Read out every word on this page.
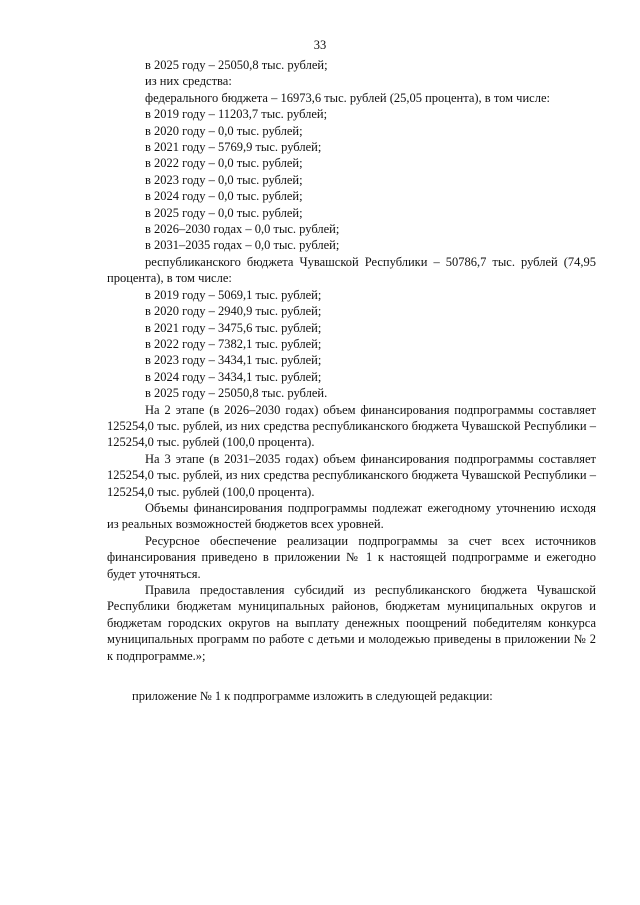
33
в 2025 году – 25050,8 тыс. рублей;
из них средства:

федерального бюджета – 16973,6 тыс. рублей (25,05 процента), в том числе:

в 2019 году – 11203,7 тыс. рублей;
в 2020 году – 0,0 тыс. рублей;
в 2021 году – 5769,9 тыс. рублей;
в 2022 году – 0,0 тыс. рублей;
в 2023 году – 0,0 тыс. рублей;
в 2024 году – 0,0 тыс. рублей;
в 2025 году – 0,0 тыс. рублей;
в 2026–2030 годах – 0,0 тыс. рублей;
в 2031–2035 годах – 0,0 тыс. рублей;

республиканского бюджета Чувашской Республики – 50786,7 тыс. рублей (74,95 процента), в том числе:

в 2019 году – 5069,1 тыс. рублей;
в 2020 году – 2940,9 тыс. рублей;
в 2021 году – 3475,6 тыс. рублей;
в 2022 году – 7382,1 тыс. рублей;
в 2023 году – 3434,1 тыс. рублей;
в 2024 году – 3434,1 тыс. рублей;
в 2025 году – 25050,8 тыс. рублей.

На 2 этапе (в 2026–2030 годах) объем финансирования подпрограммы составляет 125254,0 тыс. рублей, из них средства республиканского бюджета Чувашской Республики – 125254,0 тыс. рублей (100,0 процента).

На 3 этапе (в 2031–2035 годах) объем финансирования подпрограммы составляет 125254,0 тыс. рублей, из них средства республиканского бюджета Чувашской Республики – 125254,0 тыс. рублей (100,0 процента).

Объемы финансирования подпрограммы подлежат ежегодному уточнению исходя из реальных возможностей бюджетов всех уровней.

Ресурсное обеспечение реализации подпрограммы за счет всех источников финансирования приведено в приложении № 1 к настоящей подпрограмме и ежегодно будет уточняться.

Правила предоставления субсидий из республиканского бюджета Чувашской Республики бюджетам муниципальных районов, бюджетам муниципальных округов и бюджетам городских округов на выплату денежных поощрений победителям конкурса муниципальных программ по работе с детьми и молодежью приведены в приложении № 2 к подпрограмме.»;

приложение № 1 к подпрограмме изложить в следующей редакции:
